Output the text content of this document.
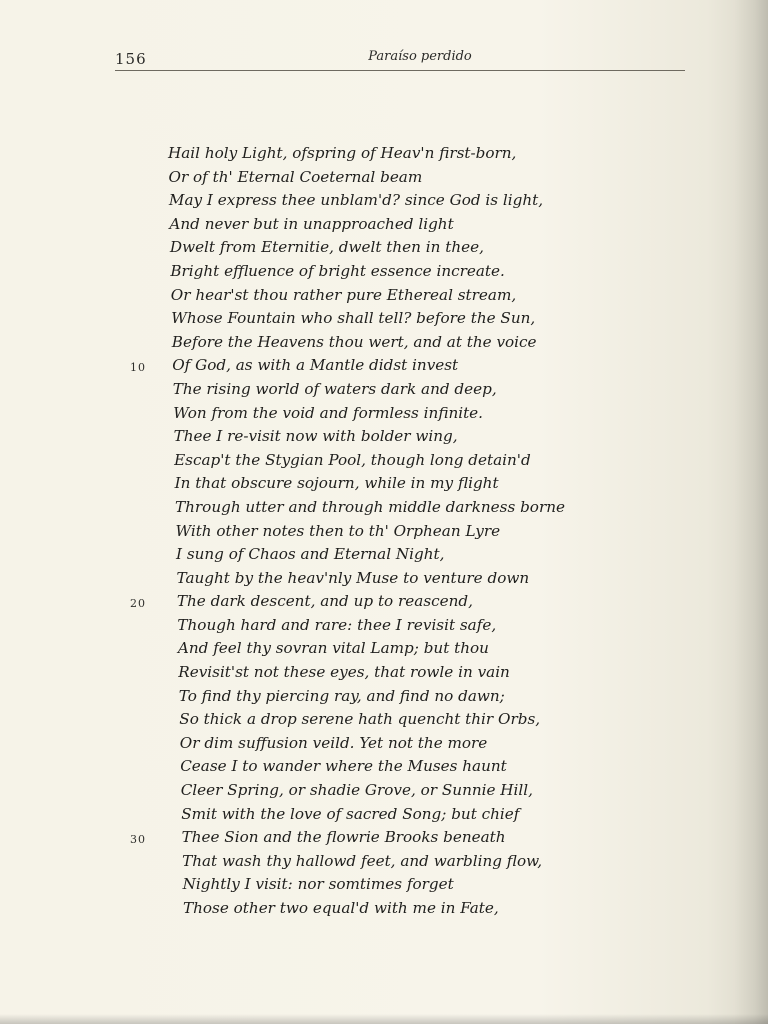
156	Paraíso perdido
Hail holy Light, ofspring of Heav'n first-born,
Or of th' Eternal Coeternal beam
May I express thee unblam'd? since God is light,
And never but in unapproached light
Dwelt from Eternitie, dwelt then in thee,
Bright effluence of bright essence increate.
Or hear'st thou rather pure Ethereal stream,
Whose Fountain who shall tell? before the Sun,
Before the Heavens thou wert, and at the voice
10 Of God, as with a Mantle didst invest
The rising world of waters dark and deep,
Won from the void and formless infinite.
Thee I re-visit now with bolder wing,
Escap't the Stygian Pool, though long detain'd
In that obscure sojourn, while in my flight
Through utter and through middle darkness borne
With other notes then to th' Orphean Lyre
I sung of Chaos and Eternal Night,
Taught by the heav'nly Muse to venture down
20 The dark descent, and up to reascend,
Though hard and rare: thee I revisit safe,
And feel thy sovran vital Lamp; but thou
Revisit'st not these eyes, that rowle in vain
To find thy piercing ray, and find no dawn;
So thick a drop serene hath quencht thir Orbs,
Or dim suffusion veild. Yet not the more
Cease I to wander where the Muses haunt
Cleer Spring, or shadie Grove, or Sunnie Hill,
Smit with the love of sacred Song; but chief
30 Thee Sion and the flowrie Brooks beneath
That wash thy hallowd feet, and warbling flow,
Nightly I visit: nor somtimes forget
Those other two equal'd with me in Fate,
